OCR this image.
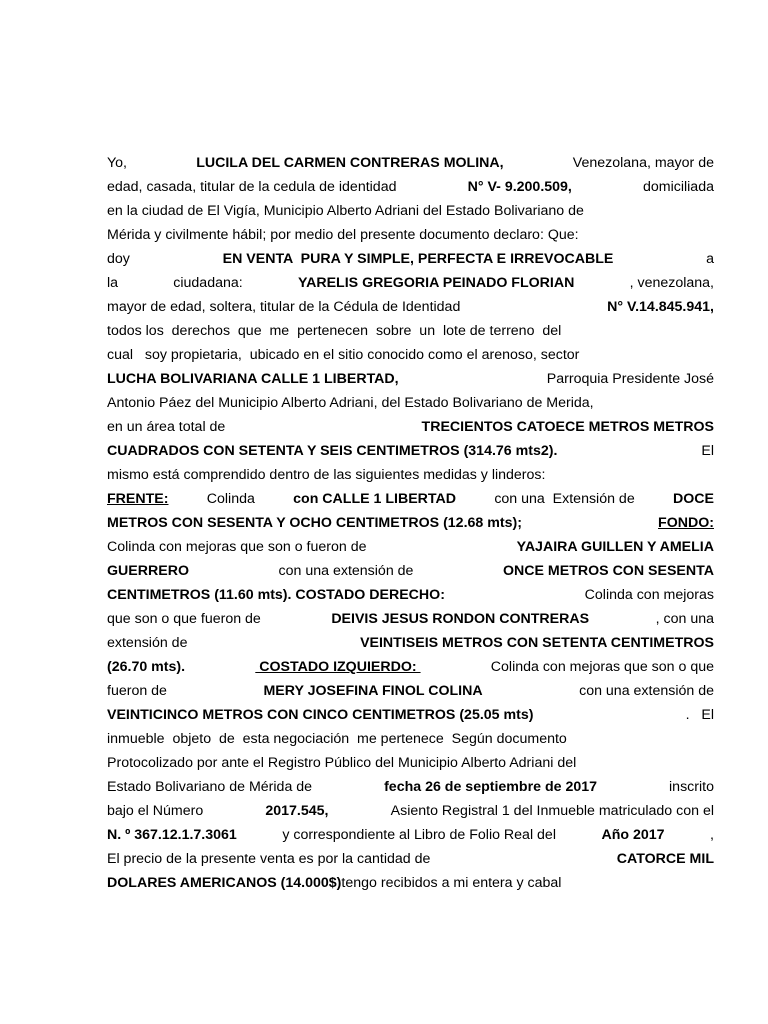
Yo,	LUCILA DEL CARMEN CONTRERAS MOLINA,	Venezolana, mayor de
edad, casada, titular de la cedula de identidad	N° V- 9.200.509,	domiciliada
en la ciudad de El Vigía, Municipio Alberto Adriani del Estado Bolivariano de
Mérida y civilmente hábil; por medio del presente documento declaro: Que:
doy	EN VENTA  PURA Y SIMPLE, PERFECTA E IRREVOCABLE	a
la	ciudadana:	YARELIS GREGORIA PEINADO FLORIAN	, venezolana,
mayor de edad, soltera, titular de la Cédula de Identidad	N° V.14.845.941,
todos los  derechos  que  me  pertenecen  sobre  un  lote de terreno  del
cual   soy propietaria,  ubicado en el sitio conocido como el arenoso, sector
LUCHA BOLIVARIANA CALLE 1 LIBERTAD,	Parroquia Presidente José
Antonio Páez del Municipio Alberto Adriani, del Estado Bolivariano de Merida,
en un área total de	TRECIENTOS CATOECE METROS METROS
CUADRADOS CON SETENTA Y SEIS CENTIMETROS (314.76 mts2).	El
mismo está comprendido dentro de las siguientes medidas y linderos:
FRENTE:	Colinda	con CALLE 1 LIBERTAD	con una  Extensión de	DOCE
METROS CON SESENTA Y OCHO CENTIMETROS (12.68 mts);	FONDO:
Colinda con mejoras que son o fueron de	YAJAIRA GUILLEN Y AMELIA
GUERRERO	con una extensión de	ONCE METROS CON SESENTA
CENTIMETROS (11.60 mts). COSTADO DERECHO:	Colinda con mejoras
que son o que fueron de	DEIVIS JESUS RONDON CONTRERAS	, con una
extensión de	VEINTISEIS METROS CON SETENTA CENTIMETROS
(26.70 mts).	COSTADO IZQUIERDO:	Colinda con mejoras que son o que
fueron de	MERY JOSEFINA FINOL COLINA	con una extensión de
VEINTICINCO METROS CON CINCO CENTIMETROS (25.05 mts)	.   El
inmueble  objeto  de  esta negociación  me pertenece  Según documento
Protocolizado por ante el Registro Público del Municipio Alberto Adriani del
Estado Bolivariano de Mérida de	fecha 26 de septiembre de 2017	inscrito
bajo el Número	2017.545,	Asiento Registral 1 del Inmueble matriculado con el
N. º 367.12.1.7.3061	y correspondiente al Libro de Folio Real del	Año 2017	,
El precio de la presente venta es por la cantidad de	CATORCE MIL
DOLARES AMERICANOS (14.000$) tengo recibidos a mi entera y cabal
